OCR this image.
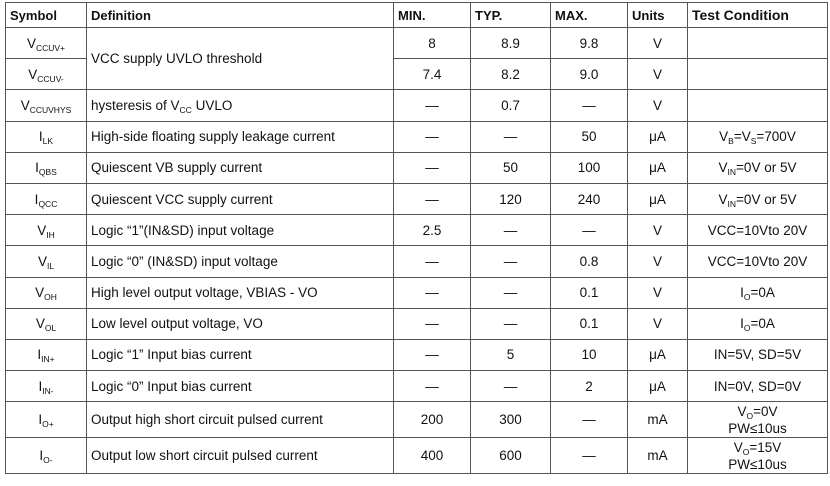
Symbol	Definition	MIN.	TYP.	MAX.	Units	Test Condition
$V_{CCUV+}$	VCC supply UVLO threshold	8	8.9	9.8	V	
$V_{CCUV-}$		7.4	8.2	9.0	V	
$V_{CCUVHYS}$	hysteresis of $V_{CC}$ UVLO	—	0.7	—	V	
$I_{LK}$	High-side floating supply leakage current	—	—	50	μA	$V_B=V_S=700V$
$I_{QBS}$	Quiescent VB supply current	—	50	100	μA	$V_{IN}=0V$ or 5V
$I_{QCC}$	Quiescent VCC supply current	—	120	240	μA	$V_{IN}=0V$ or 5V
$V_{IH}$	Logic “1”(IN&SD) input voltage	2.5	—	—	V	VCC=10Vto 20V
$V_{IL}$	Logic “0” (IN&SD) input voltage	—	—	0.8	V	VCC=10Vto 20V
$V_{OH}$	High level output voltage, VBIAS - VO	—	—	0.1	V	$I_O=0A$
$V_{OL}$	Low level output voltage, VO	—	—	0.1	V	$I_O=0A$
$I_{IN+}$	Logic “1” Input bias current	—	5	10	μA	IN=5V, SD=5V
$I_{IN-}$	Logic “0” Input bias current	—	—	2	μA	IN=0V, SD=0V
$I_{O+}$	Output high short circuit pulsed current	200	300	—	mA	$V_O=0V$
PW≤10us

$I_{O-}$	Output low short circuit pulsed current	400	600	—	mA	$V_O=15V$
PW≤10us
